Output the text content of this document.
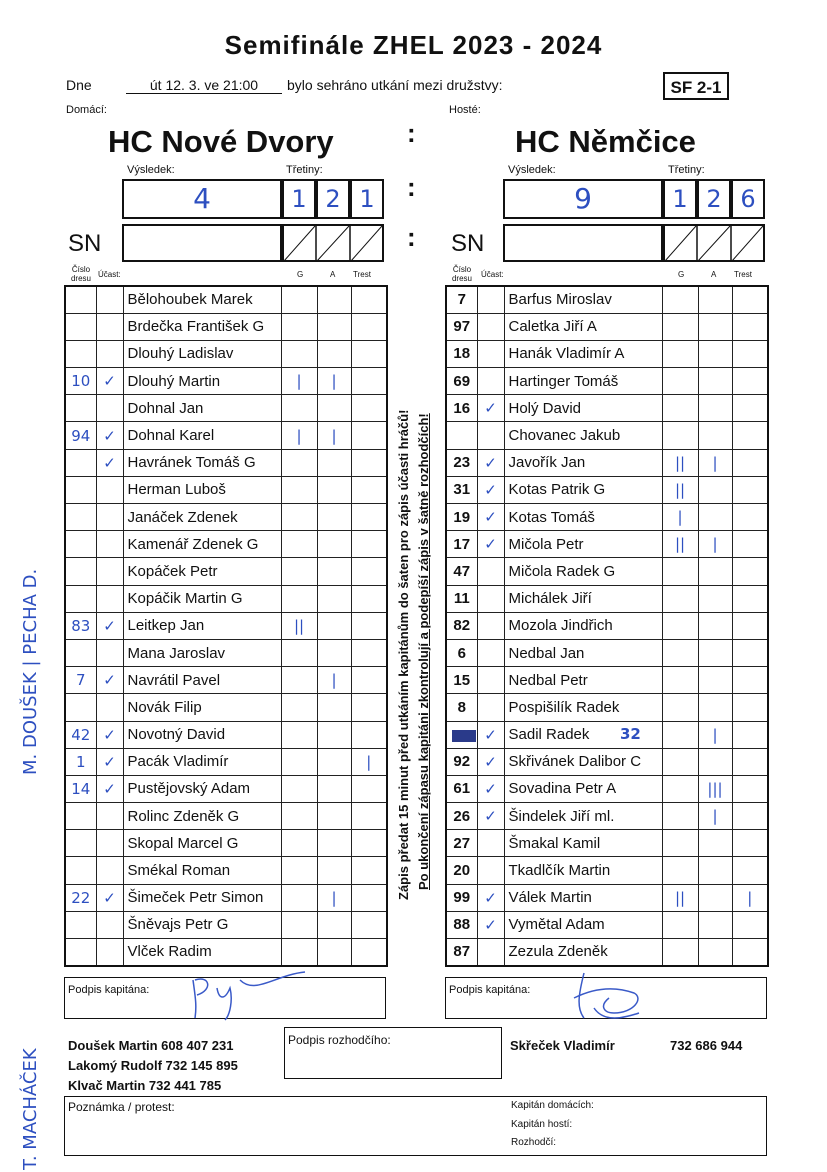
Semifinále ZHEL 2023 - 2024
Dne	út 12. 3. ve 21:00	bylo sehráno utkání mezi družstvy:	SF 2-1
Domácí:	Hosté:
HC Nové Dvory	HC Němčice
:
Výsledek:	Třetiny:
4	1 2 1
Výsledek:	Třetiny:
9	1 2 6
:
:
SN	SN
Číslo dresu Účast:	G	A Trest
Číslo dresu	Účast:	G	A Trest
		Bělohoubek Marek			
		Brdečka František G			
		Dlouhý Ladislav			
10	✓	Dlouhý Martin	|	|	
		Dohnal Jan			
94	✓	Dohnal Karel	|	|	
	✓	Havránek Tomáš G			
		Herman Luboš			
		Janáček Zdenek			
		Kamenář Zdenek G			
		Kopáček Petr			
		Kopáčik Martin G			
83	✓	Leitkep Jan	||		
		Mana Jaroslav			
7	✓	Navrátil Pavel		|	
		Novák Filip			
42	✓	Novotný David			
1	✓	Pacák Vladimír			|
14	✓	Pustějovský Adam			
		Rolinc Zdeněk G			
		Skopal Marcel G			
		Smékal Roman			
22	✓	Šimeček Petr Simon		|	
		Šněvajs Petr G			
		Vlček Radim			
7		Barfus Miroslav			
97		Caletka Jiří A			
18		Hanák Vladimír A			
69		Hartinger Tomáš			
16	✓	Holý David			
		Chovanec Jakub			
23	✓	Javořík Jan	||	|	
31	✓	Kotas Patrik G	||		
19	✓	Kotas Tomáš	|		
17	✓	Mičola Petr	||	|	
47		Mičola Radek G			
11		Michálek Jiří			
82		Mozola Jindřich			
6		Nedbal Jan			
15		Nedbal Petr			
8		Pospišilík Radek			
	✓	Sadil Radek		|	
92	✓	Skřivánek Dalibor C			
61	✓	Sovadina Petr A		|||	
26	✓	Šindelek Jiří ml.		|	
27		Šmakal Kamil			
20		Tkadlčík Martin			
99	✓	Válek Martin	||		|
88	✓	Vymětal Adam			
87		Zezula Zdeněk			
32
Zápis předat 15 minut před utkáním kapitánům do šaten pro zápis účasti hráčů! Po ukončení zápasu kapitáni zkontrolují a podepíší zápis v šatně rozhodčích!
M. DOUŠEK | PECHA D.
T. MACHÁČEK
Podpis kapitána:	Podpis kapitána:
Doušek Martin 608 407 231
Lakomý Rudolf 732 145 895
Klvač Martin 732 441 785
Podpis rozhodčího:	Skřeček Vladimír	732 686 944
Poznámka / protest:	Kapitán domácích:
Kapitán hostí:
Rozhodčí:
